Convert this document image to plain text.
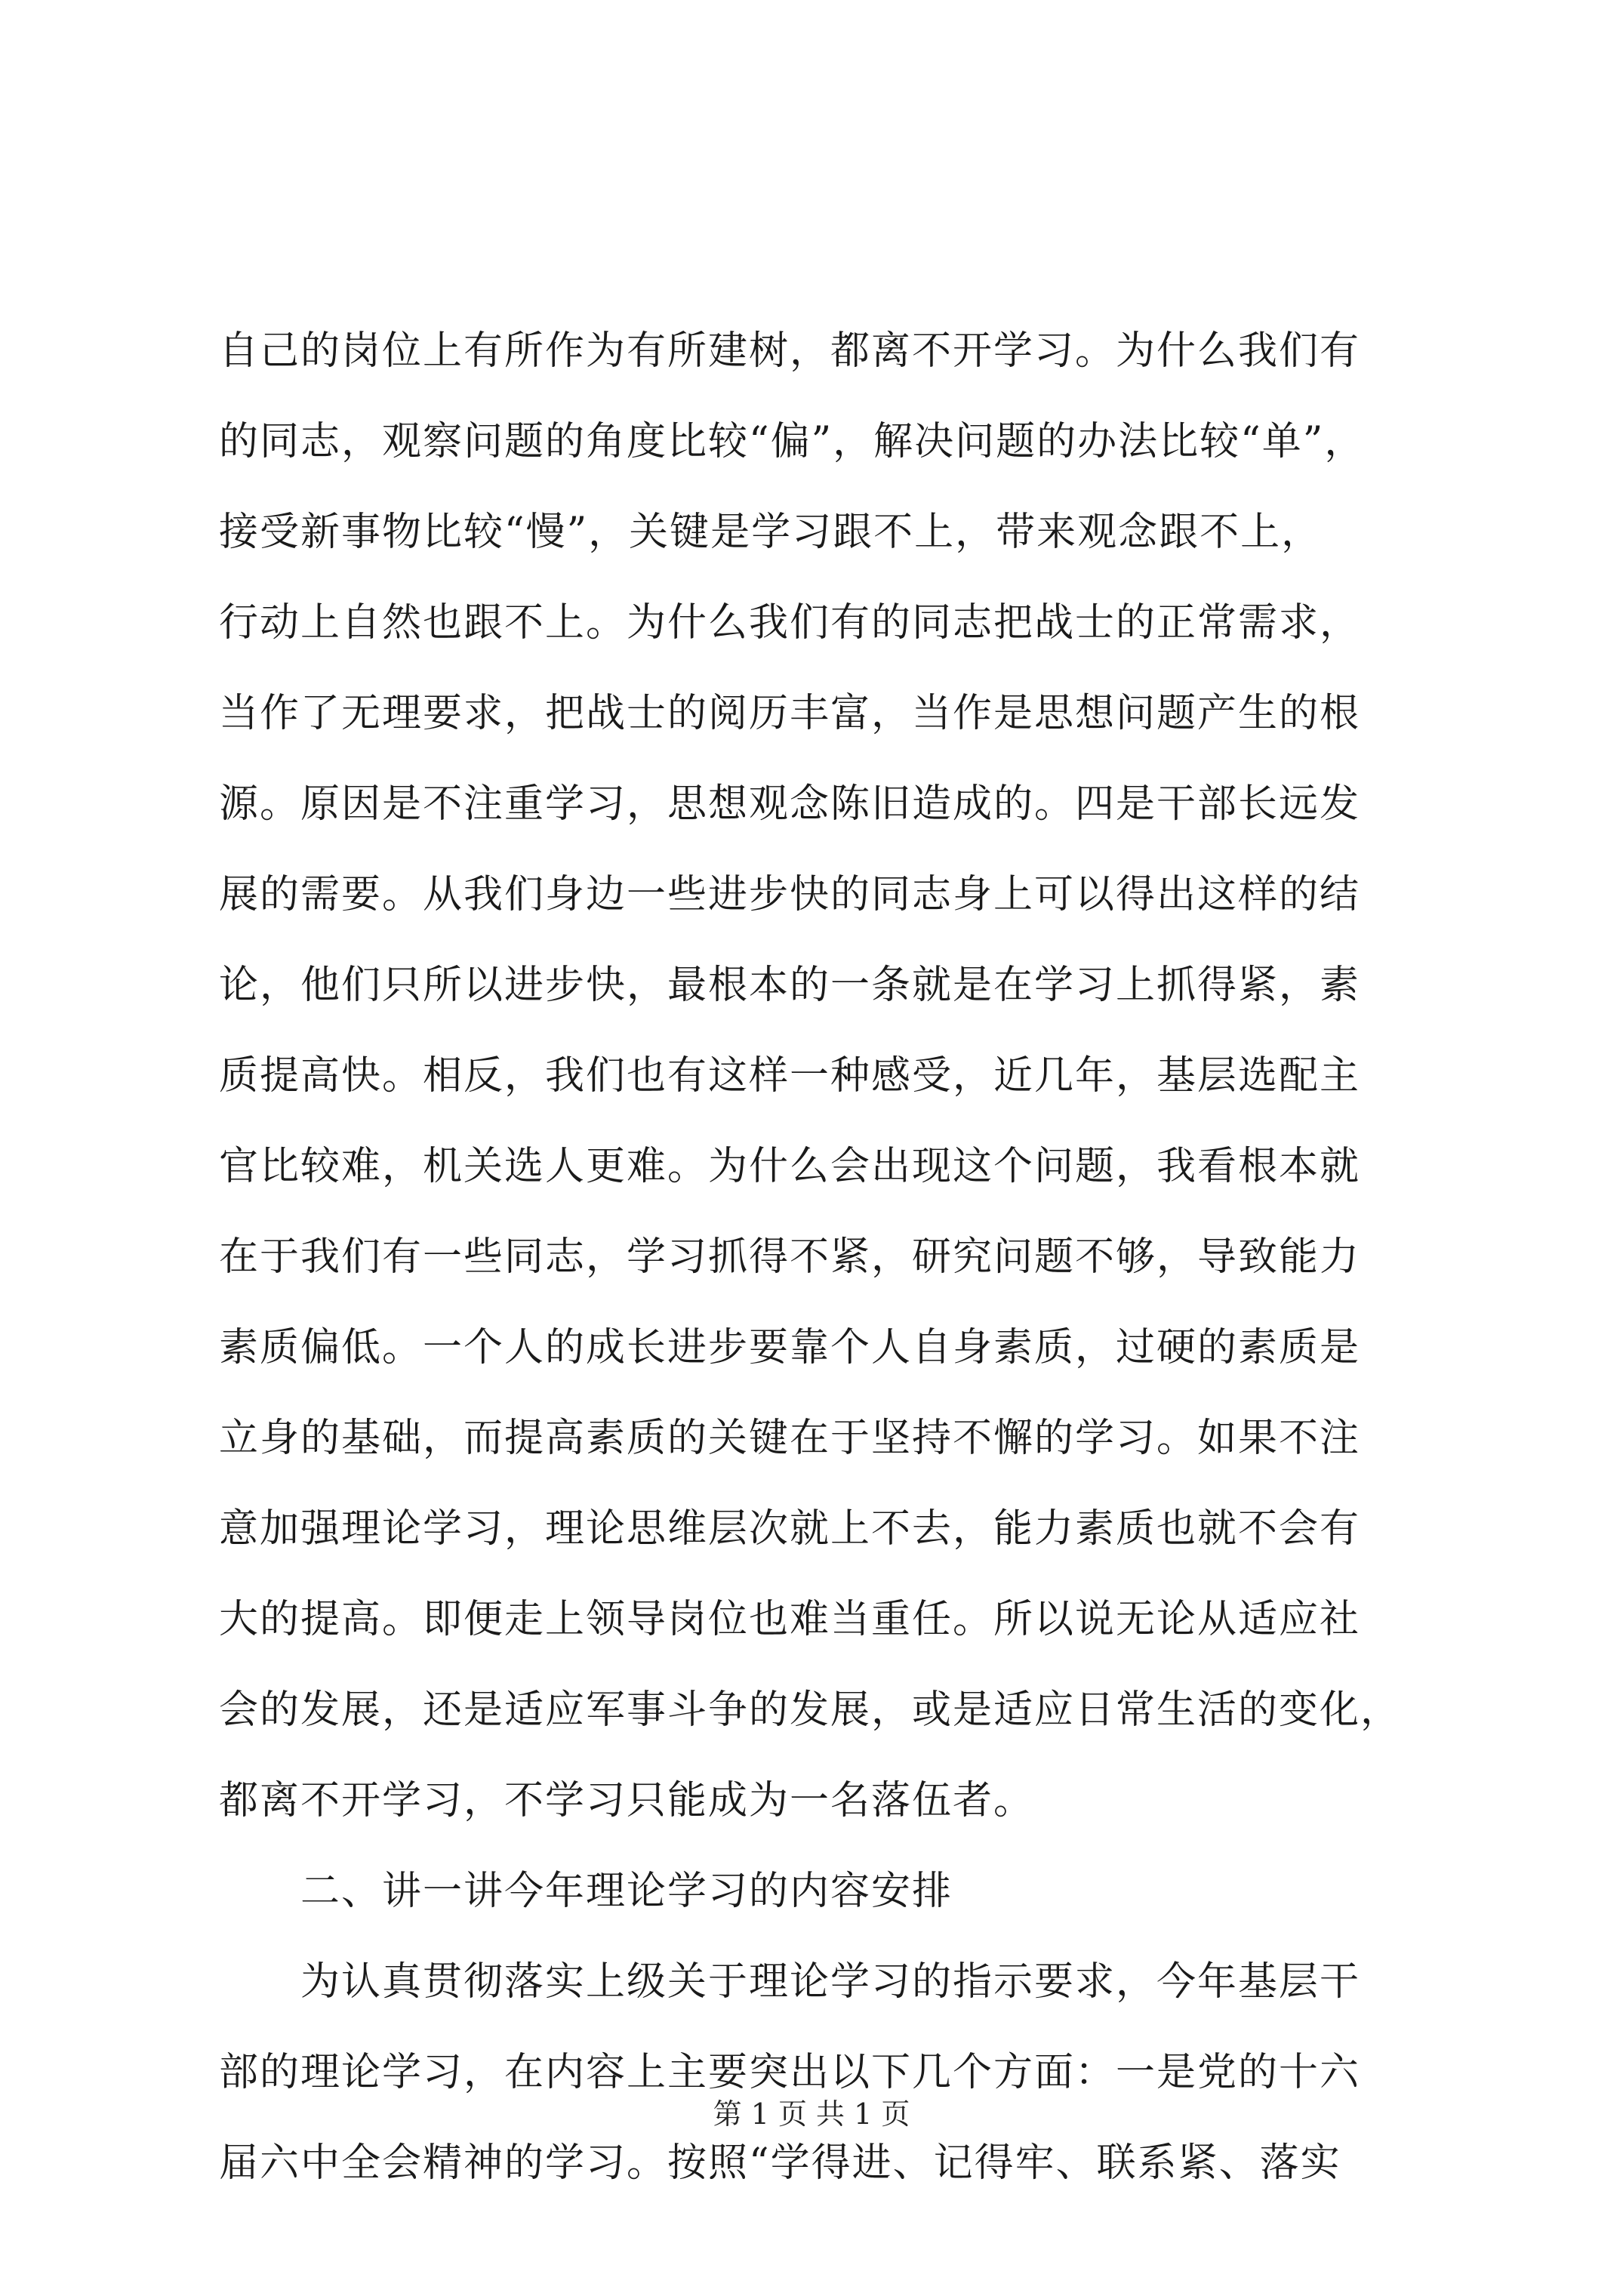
自己的岗位上有所作为有所建树，都离不开学习。为什么我们有
的同志，观察问题的角度比较“偏”，解决问题的办法比较“单”，
接受新事物比较“慢”，关键是学习跟不上，带来观念跟不上，
行动上自然也跟不上。为什么我们有的同志把战士的正常需求，
当作了无理要求，把战士的阅历丰富，当作是思想问题产生的根
源。原因是不注重学习，思想观念陈旧造成的。四是干部长远发
展的需要。从我们身边一些进步快的同志身上可以得出这样的结
论，他们只所以进步快，最根本的一条就是在学习上抓得紧，素
质提高快。相反，我们也有这样一种感受，近几年，基层选配主
官比较难，机关选人更难。为什么会出现这个问题，我看根本就
在于我们有一些同志，学习抓得不紧，研究问题不够，导致能力
素质偏低。一个人的成长进步要靠个人自身素质，过硬的素质是
立身的基础，而提高素质的关键在于坚持不懈的学习。如果不注
意加强理论学习，理论思维层次就上不去，能力素质也就不会有
大的提高。即便走上领导岗位也难当重任。所以说无论从适应社
会的发展，还是适应军事斗争的发展，或是适应日常生活的变化，
都离不开学习，不学习只能成为一名落伍者。
二、讲一讲今年理论学习的内容安排
为认真贯彻落实上级关于理论学习的指示要求，今年基层干
部的理论学习，在内容上主要突出以下几个方面：一是党的十六
届六中全会精神的学习。按照“学得进、记得牢、联系紧、落实
第 1 页 共 1 页
